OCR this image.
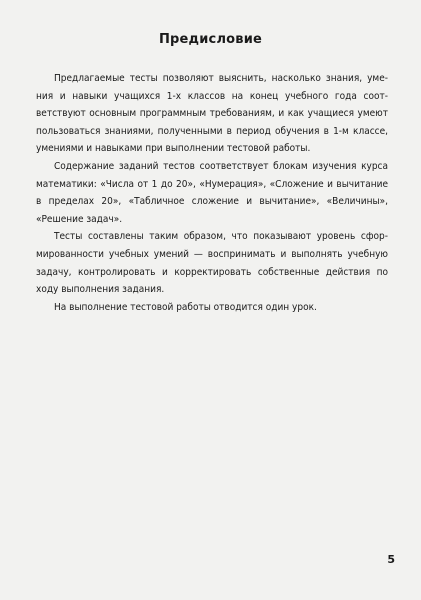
Предисловие

Предлагаемые тесты позволяют выяснить, насколько знания, умения и навыки учащихся 1-х классов на конец учебного года соответствуют основным программным требованиям, и как учащиеся умеют пользоваться знаниями, полученными в период обучения в 1-м классе, умениями и навыками при выполнении тестовой работы.

Содержание заданий тестов соответствует блокам изучения курса математики: «Числа от 1 до 20», «Нумерация», «Сложение и вычитание в пределах 20», «Табличное сложение и вычитание», «Величины», «Решение задач».

Тесты составлены таким образом, что показывают уровень сформированности учебных умений — воспринимать и выполнять учебную задачу, контролировать и корректировать собственные действия по ходу выполнения задания.

На выполнение тестовой работы отводится один урок.

5
